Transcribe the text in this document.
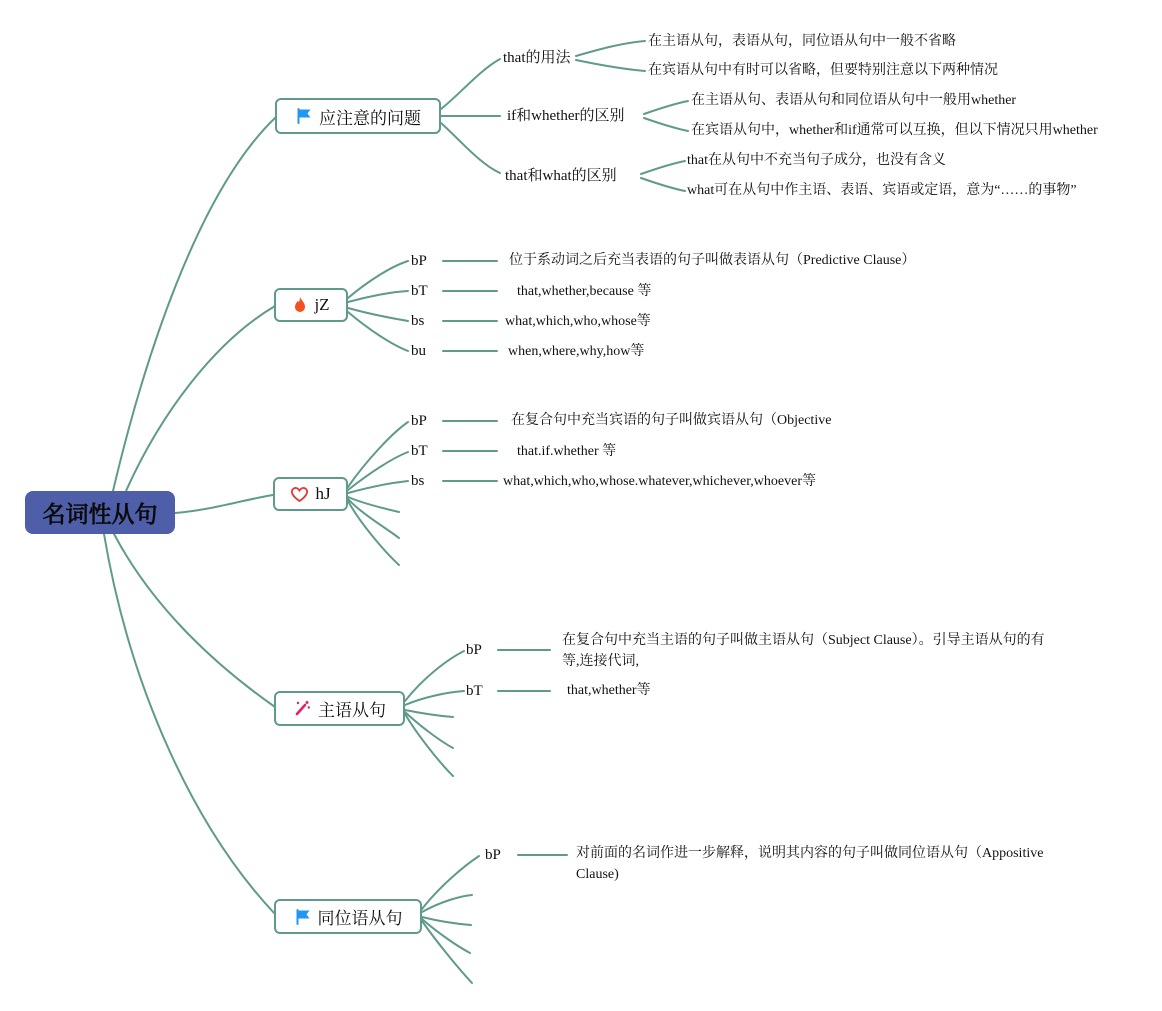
名词性从句
应注意的问题
that的用法
在主语从句，表语从句，同位语从句中一般不省略
在宾语从句中有时可以省略，但要特别注意以下两种情况
if和whether的区别
在主语从句、表语从句和同位语从句中一般用whether
在宾语从句中，whether和if通常可以互换，但以下情况只用whether
that和what的区别
that在从句中不充当句子成分，也没有含义
what可在从句中作主语、表语、宾语或定语，意为“……的事物”
jZ
bP	位于系动词之后充当表语的句子叫做表语从句（Predictive Clause）
bT	that,whether,because 等
bs	what,which,who,whose等
bu	when,where,why,how等
hJ
bP	在复合句中充当宾语的句子叫做宾语从句（Objective
bT	that.if.whether 等
bs	what,which,who,whose.whatever,whichever,whoever等
主语从句
bP
在复合句中充当主语的句子叫做主语从句（Subject Clause）。引导主语从句的有等,连接代词,
bT	that,whether等
同位语从句
bP	对前面的名词作进一步解释，说明其内容的句子叫做同位语从句（Appositive Clause)
